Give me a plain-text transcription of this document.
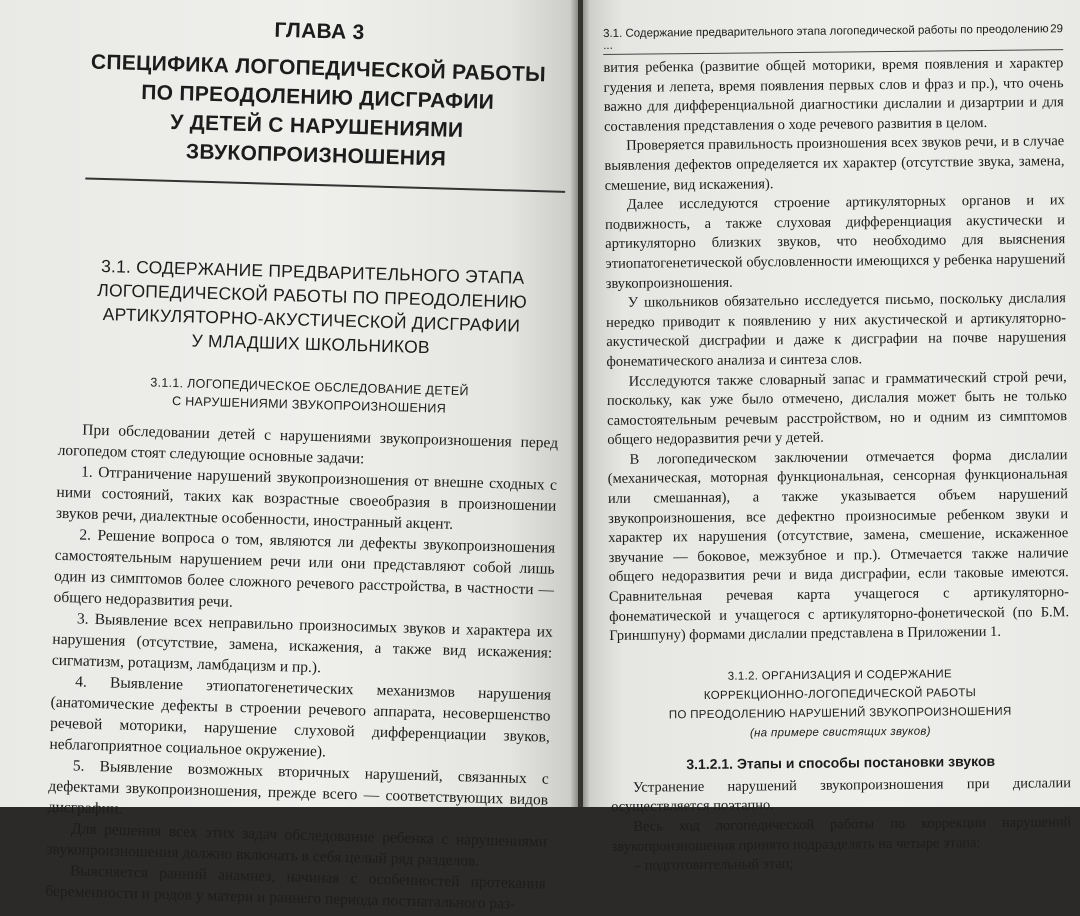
ГЛАВА 3
СПЕЦИФИКА ЛОГОПЕДИЧЕСКОЙ РАБОТЫ
ПО ПРЕОДОЛЕНИЮ ДИСГРАФИИ
У ДЕТЕЙ С НАРУШЕНИЯМИ ЗВУКОПРОИЗНОШЕНИЯ
3.1. СОДЕРЖАНИЕ ПРЕДВАРИТЕЛЬНОГО ЭТАПА
ЛОГОПЕДИЧЕСКОЙ РАБОТЫ ПО ПРЕОДОЛЕНИЮ
АРТИКУЛЯТОРНО-АКУСТИЧЕСКОЙ ДИСГРАФИИ
У МЛАДШИХ ШКОЛЬНИКОВ
3.1.1. ЛОГОПЕДИЧЕСКОЕ ОБСЛЕДОВАНИЕ ДЕТЕЙ
С НАРУШЕНИЯМИ ЗВУКОПРОИЗНОШЕНИЯ

При обследовании детей с нарушениями звукопроизношения перед логопедом стоят следующие основные задачи:

1. Отграничение нарушений звукопроизношения от внешне сходных с ними состояний, таких как возрастные своеобразия в произношении звуков речи, диалектные особенности, иностранный акцент.

2. Решение вопроса о том, являются ли дефекты звукопроизношения самостоятельным нарушением речи или они представляют собой лишь один из симптомов более сложного речевого расстройства, в частности — общего недоразвития речи.

3. Выявление всех неправильно произносимых звуков и характера их нарушения (отсутствие, замена, искажения, а также вид искажения: сигматизм, ротацизм, ламбдацизм и пр.).

4. Выявление этиопатогенетических механизмов нарушения (анатомические дефекты в строении речевого аппарата, несовершенство речевой моторики, нарушение слуховой дифференциации звуков, неблагоприятное социальное окружение).

5. Выявление возможных вторичных нарушений, связанных с дефектами звукопроизношения, прежде всего — соответствующих видов дисграфии.

Для решения всех этих задач обследование ребенка с нарушениями звукопроизношения должно включать в себя целый ряд разделов.

Выясняется ранний анамнез, начиная с особенностей протекания беременности и родов у матери и раннего периода постнатального раз-

3.1. Содержание предварительного этапа логопедической работы по преодолению ...
29

вития ребенка (развитие общей моторики, время появления и характер гудения и лепета, время появления первых слов и фраз и пр.), что очень важно для дифференциальной диагностики дислалии и дизартрии и для составления представления о ходе речевого развития в целом.

Проверяется правильность произношения всех звуков речи, и в случае выявления дефектов определяется их характер (отсутствие звука, замена, смешение, вид искажения).

Далее исследуются строение артикуляторных органов и их подвижность, а также слуховая дифференциация акустически и артикуляторно близких звуков, что необходимо для выяснения этиопатогенетической обусловленности имеющихся у ребенка нарушений звукопроизношения.

У школьников обязательно исследуется письмо, поскольку дислалия нередко приводит к появлению у них акустической и артикуляторно-акустической дисграфии и даже к дисграфии на почве нарушения фонематического анализа и синтеза слов.

Исследуются также словарный запас и грамматический строй речи, поскольку, как уже было отмечено, дислалия может быть не только самостоятельным речевым расстройством, но и одним из симптомов общего недоразвития речи у детей.

В логопедическом заключении отмечается форма дислалии (механическая, моторная функциональная, сенсорная функциональная или смешанная), а также указывается объем нарушений звукопроизношения, все дефектно произносимые ребенком звуки и характер их нарушения (отсутствие, замена, смешение, искаженное звучание — боковое, межзубное и пр.). Отмечается также наличие общего недоразвития речи и вида дисграфии, если таковые имеются. Сравнительная речевая карта учащегося с артикуляторно-фонематической и учащегося с артикуляторно-фонетической (по Б.М. Гриншпуну) формами дислалии представлена в Приложении 1.

3.1.2. ОРГАНИЗАЦИЯ И СОДЕРЖАНИЕ
КОРРЕКЦИОННО-ЛОГОПЕДИЧЕСКОЙ РАБОТЫ
ПО ПРЕОДОЛЕНИЮ НАРУШЕНИЙ ЗВУКОПРОИЗНОШЕНИЯ
(на примере свистящих звуков)
3.1.2.1. Этапы и способы постановки звуков

Устранение нарушений звукопроизношения при дислалии осуществляется поэтапно.

Весь ход логопедической работы по коррекции нарушений звукопроизношения принято подразделять на четыре этапа:

– подготовительный этап;
